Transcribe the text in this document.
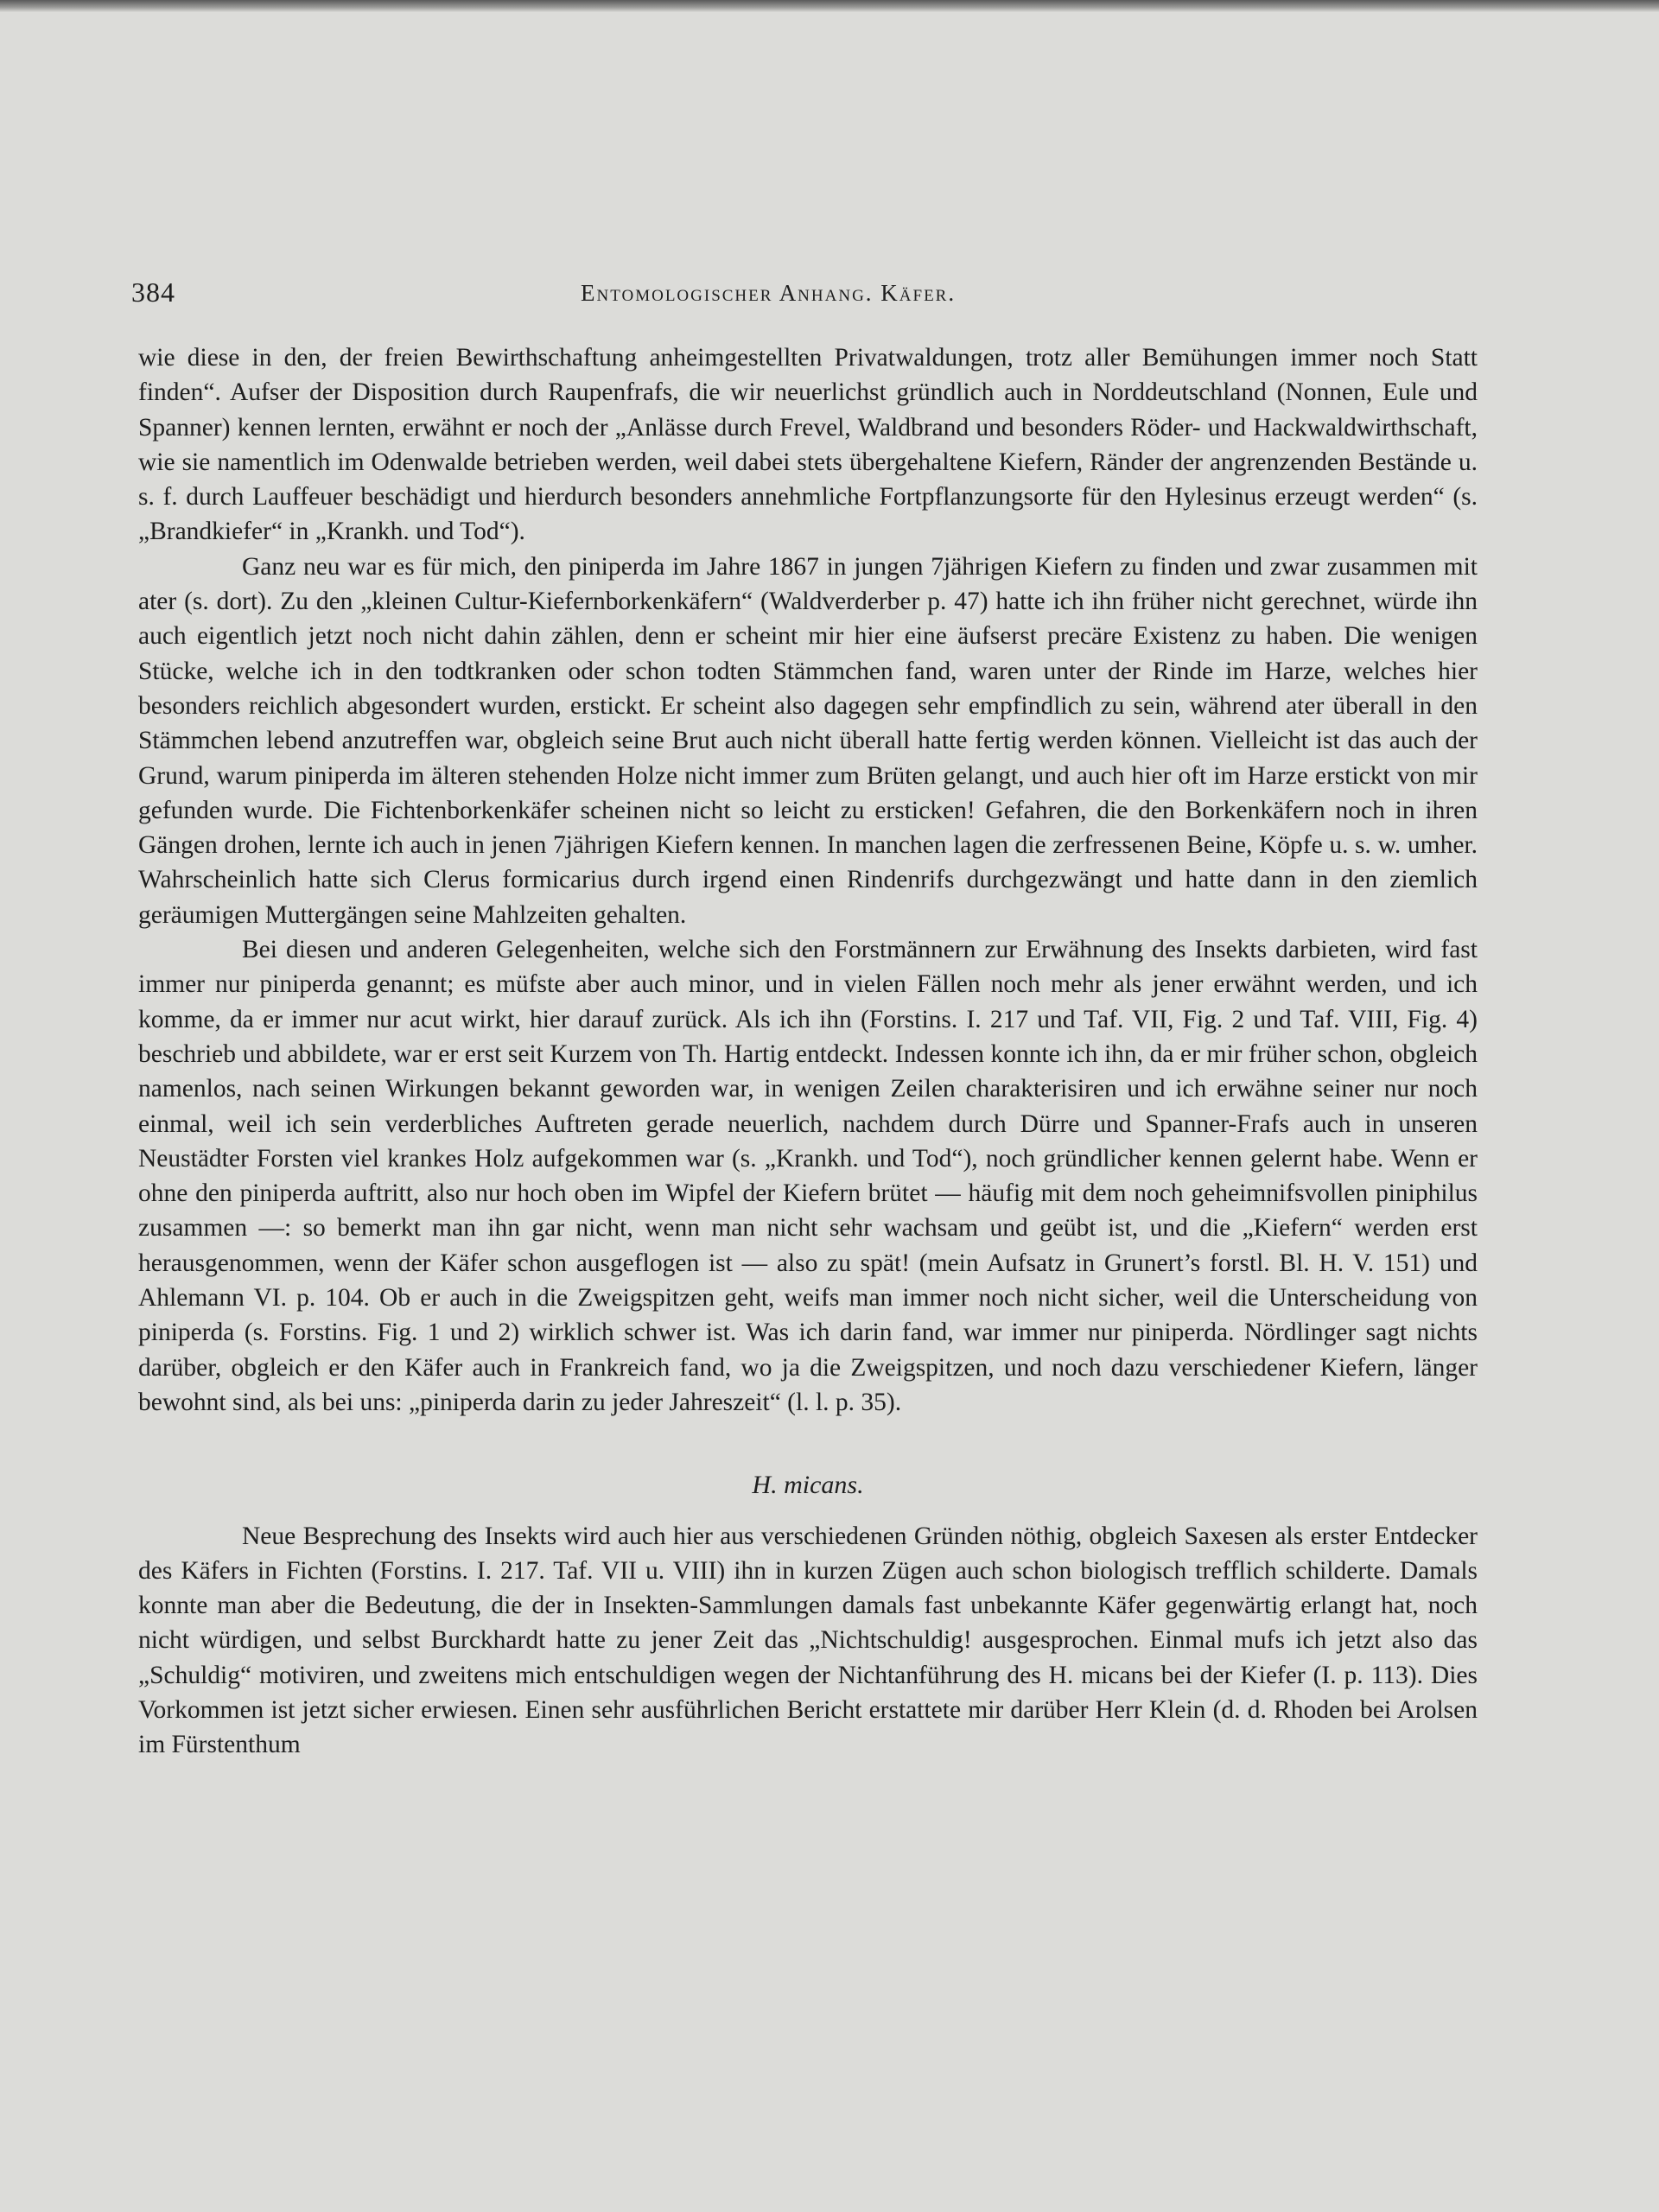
384	Entomologischer Anhang. Käfer.

wie diese in den, der freien Bewirthschaftung anheimgestellten Privatwaldungen, trotz aller Bemühungen immer noch Statt finden“. Aufser der Disposition durch Raupenfrafs, die wir neuerlichst gründlich auch in Norddeutschland (Nonnen, Eule und Spanner) kennen lernten, erwähnt er noch der „Anlässe durch Frevel, Waldbrand und besonders Röder- und Hackwaldwirthschaft, wie sie namentlich im Odenwalde betrieben werden, weil dabei stets übergehaltene Kiefern, Ränder der angrenzenden Bestände u. s. f. durch Lauffeuer beschädigt und hierdurch besonders annehmliche Fortpflanzungsorte für den Hylesinus erzeugt werden“ (s. „Brandkiefer“ in „Krankh. und Tod“).

Ganz neu war es für mich, den piniperda im Jahre 1867 in jungen 7jährigen Kiefern zu finden und zwar zusammen mit ater (s. dort). Zu den „kleinen Cultur-Kiefernborkenkäfern“ (Waldverderber p. 47) hatte ich ihn früher nicht gerechnet, würde ihn auch eigentlich jetzt noch nicht dahin zählen, denn er scheint mir hier eine äufserst precäre Existenz zu haben. Die wenigen Stücke, welche ich in den todtkranken oder schon todten Stämmchen fand, waren unter der Rinde im Harze, welches hier besonders reichlich abgesondert wurden, erstickt. Er scheint also dagegen sehr empfindlich zu sein, während ater überall in den Stämmchen lebend anzutreffen war, obgleich seine Brut auch nicht überall hatte fertig werden können. Vielleicht ist das auch der Grund, warum piniperda im älteren stehenden Holze nicht immer zum Brüten gelangt, und auch hier oft im Harze erstickt von mir gefunden wurde. Die Fichtenborkenkäfer scheinen nicht so leicht zu ersticken! Gefahren, die den Borkenkäfern noch in ihren Gängen drohen, lernte ich auch in jenen 7jährigen Kiefern kennen. In manchen lagen die zerfressenen Beine, Köpfe u. s. w. umher. Wahrscheinlich hatte sich Clerus formicarius durch irgend einen Rindenrifs durchgezwängt und hatte dann in den ziemlich geräumigen Muttergängen seine Mahlzeiten gehalten.

Bei diesen und anderen Gelegenheiten, welche sich den Forstmännern zur Erwähnung des Insekts darbieten, wird fast immer nur piniperda genannt; es müfste aber auch minor, und in vielen Fällen noch mehr als jener erwähnt werden, und ich komme, da er immer nur acut wirkt, hier darauf zurück. Als ich ihn (Forstins. I. 217 und Taf. VII, Fig. 2 und Taf. VIII, Fig. 4) beschrieb und abbildete, war er erst seit Kurzem von Th. Hartig entdeckt. Indessen konnte ich ihn, da er mir früher schon, obgleich namenlos, nach seinen Wirkungen bekannt geworden war, in wenigen Zeilen charakterisiren und ich erwähne seiner nur noch einmal, weil ich sein verderbliches Auftreten gerade neuerlich, nachdem durch Dürre und Spanner-Frafs auch in unseren Neustädter Forsten viel krankes Holz aufgekommen war (s. „Krankh. und Tod“), noch gründlicher kennen gelernt habe. Wenn er ohne den piniperda auftritt, also nur hoch oben im Wipfel der Kiefern brütet — häufig mit dem noch geheimnifsvollen piniphilus zusammen —: so bemerkt man ihn gar nicht, wenn man nicht sehr wachsam und geübt ist, und die „Kiefern“ werden erst herausgenommen, wenn der Käfer schon ausgeflogen ist — also zu spät! (mein Aufsatz in Grunert’s forstl. Bl. H. V. 151) und Ahlemann VI. p. 104. Ob er auch in die Zweigspitzen geht, weifs man immer noch nicht sicher, weil die Unterscheidung von piniperda (s. Forstins. Fig. 1 und 2) wirklich schwer ist. Was ich darin fand, war immer nur piniperda. Nördlinger sagt nichts darüber, obgleich er den Käfer auch in Frankreich fand, wo ja die Zweigspitzen, und noch dazu verschiedener Kiefern, länger bewohnt sind, als bei uns: „piniperda darin zu jeder Jahreszeit“ (l. l. p. 35).

H. micans.

Neue Besprechung des Insekts wird auch hier aus verschiedenen Gründen nöthig, obgleich Saxesen als erster Entdecker des Käfers in Fichten (Forstins. I. 217. Taf. VII u. VIII) ihn in kurzen Zügen auch schon biologisch trefflich schilderte. Damals konnte man aber die Bedeutung, die der in Insekten-Sammlungen damals fast unbekannte Käfer gegenwärtig erlangt hat, noch nicht würdigen, und selbst Burckhardt hatte zu jener Zeit das „Nichtschuldig! ausgesprochen. Einmal mufs ich jetzt also das „Schuldig“ motiviren, und zweitens mich entschuldigen wegen der Nichtanführung des H. micans bei der Kiefer (I. p. 113). Dies Vorkommen ist jetzt sicher erwiesen. Einen sehr ausführlichen Bericht erstattete mir darüber Herr Klein (d. d. Rhoden bei Arolsen im Fürstenthum
